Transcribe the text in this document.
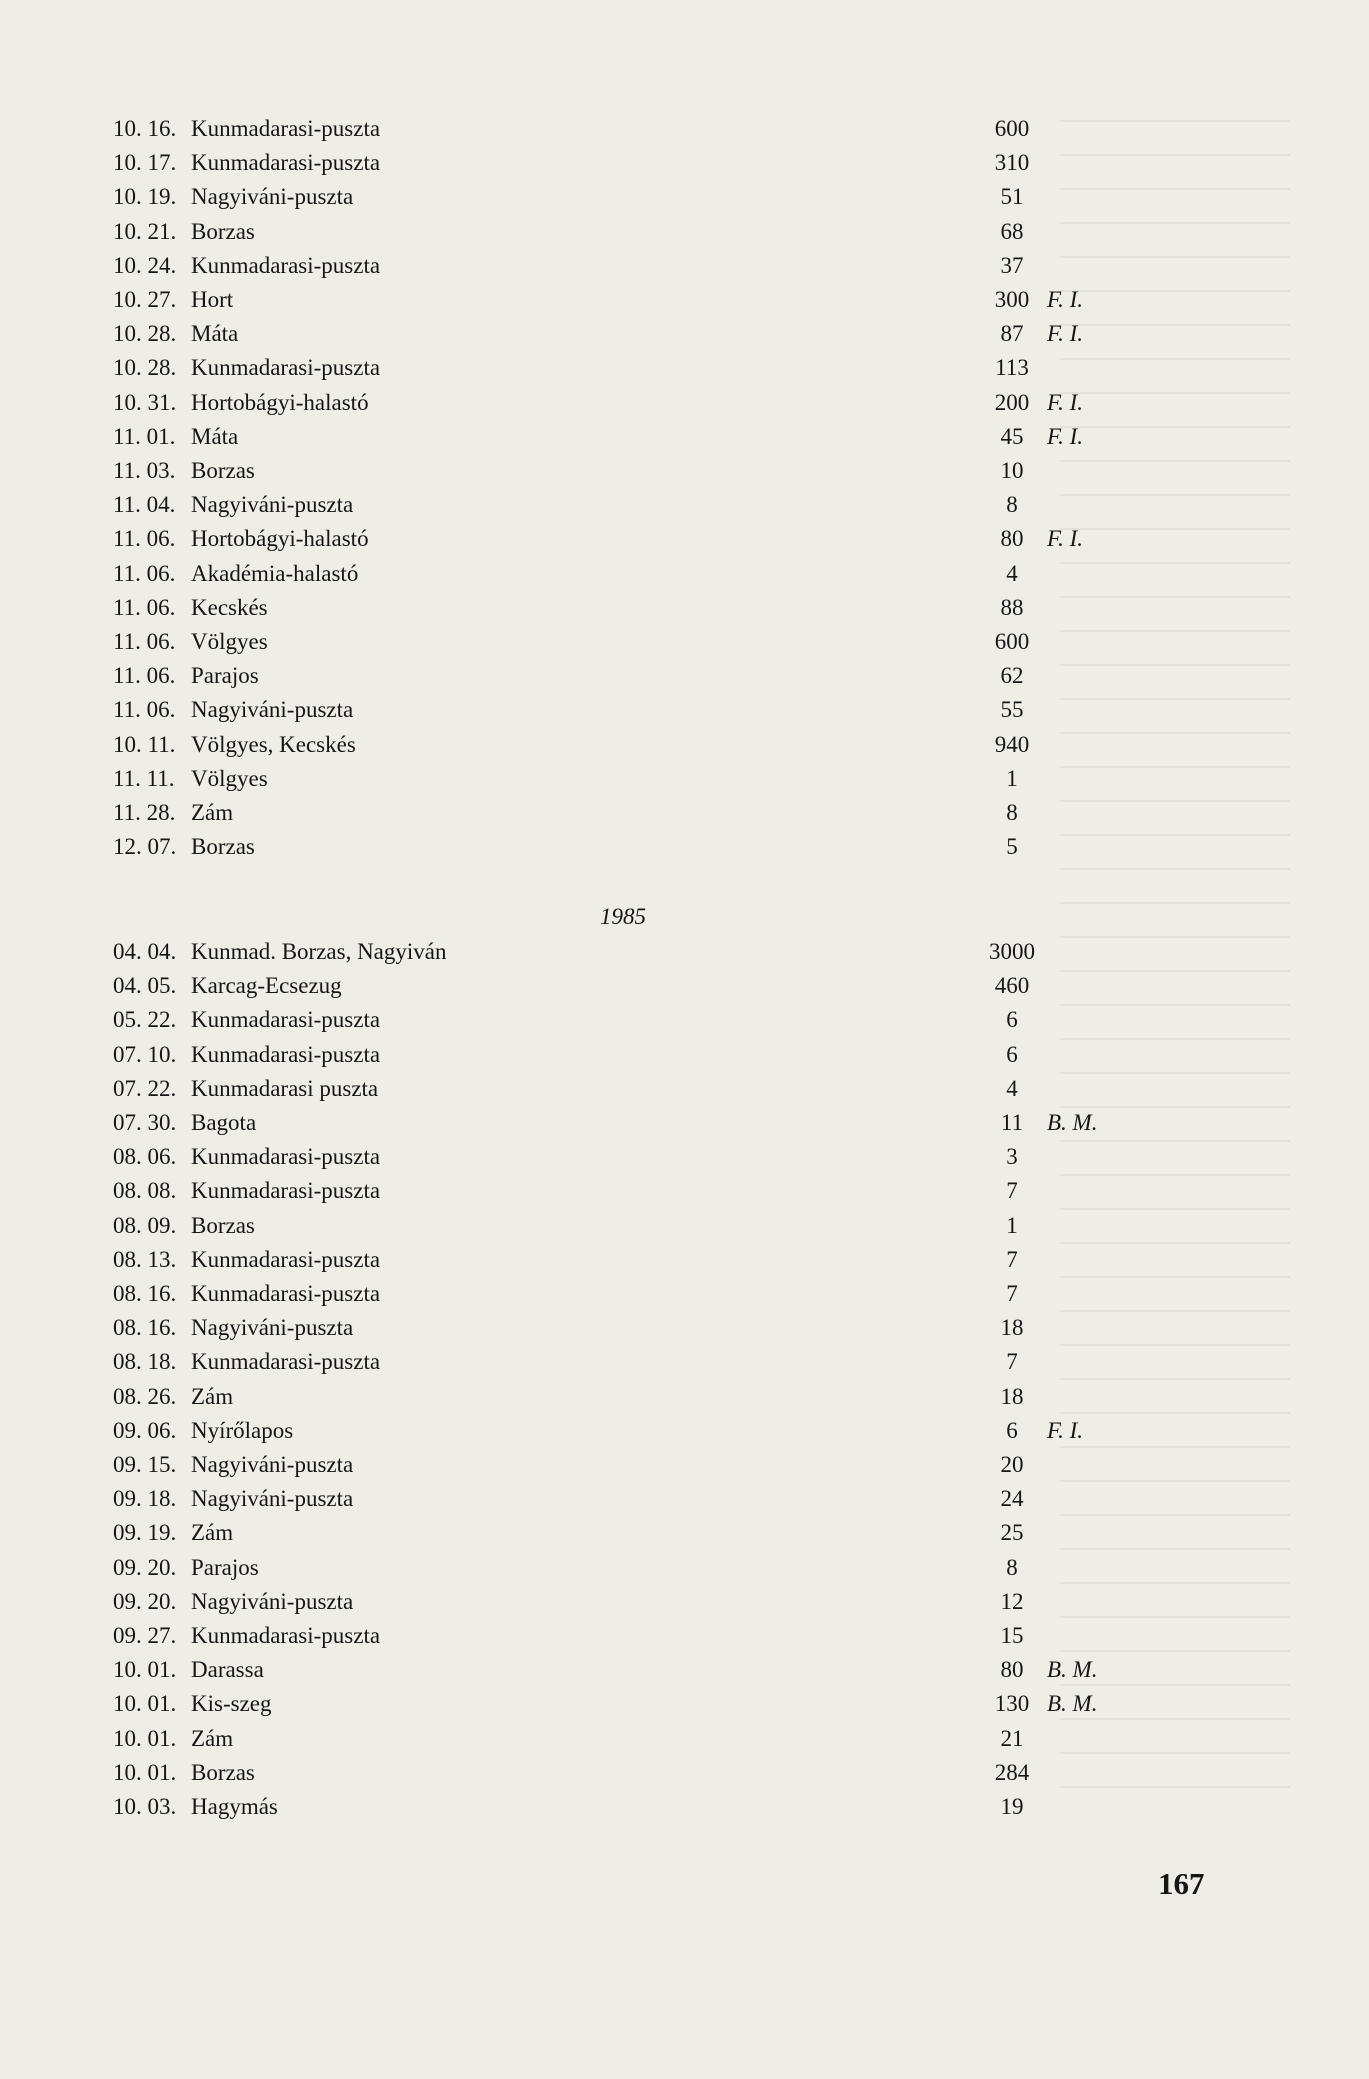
10. 16. Kunmadarasi-puszta	600
10. 17. Kunmadarasi-puszta	310
10. 19. Nagyiváni-puszta	51
10. 21. Borzas	68
10. 24. Kunmadarasi-puszta	37
10. 27. Hort	300 F. I.
10. 28. Máta	87	F. I.
10. 28. Kunmadarasi-puszta	113
10. 31. Hortobágyi-halastó	200 F. I.
11. 01. Máta	45	F. I.
11. 03. Borzas	10
11. 04. Nagyiváni-puszta	8
11. 06. Hortobágyi-halastó	80	F. I.
11. 06. Akadémia-halastó	4
11. 06. Kecskés	88
11. 06. Völgyes	600
11. 06. Parajos	62
11. 06. Nagyiváni-puszta	55
10. 11. Völgyes, Kecskés	940
11. 11. Völgyes	1
11. 28. Zám	8
12. 07. Borzas	5
1985
04. 04. Kunmad. Borzas, Nagyiván	3000
04. 05. Karcag-Ecsezug	460
05. 22. Kunmadarasi-puszta	6
07. 10. Kunmadarasi-puszta	6
07. 22. Kunmadarasi puszta	4
07. 30. Bagota	11	B. M.
08. 06. Kunmadarasi-puszta	3
08. 08. Kunmadarasi-puszta	7
08. 09. Borzas	1
08. 13. Kunmadarasi-puszta	7
08. 16. Kunmadarasi-puszta	7
08. 16. Nagyiváni-puszta	18
08. 18. Kunmadarasi-puszta	7
08. 26. Zám	18
09. 06. Nyírőlapos	6	F. I.
09. 15. Nagyiváni-puszta	20
09. 18. Nagyiváni-puszta	24
09. 19. Zám	25
09. 20. Parajos	8
09. 20. Nagyiváni-puszta	12
09. 27. Kunmadarasi-puszta	15
10. 01. Darassa	80	B. M.
10. 01. Kis-szeg	130 B. M.
10. 01. Zám	21
10. 01. Borzas	284
10. 03. Hagymás	19
167
